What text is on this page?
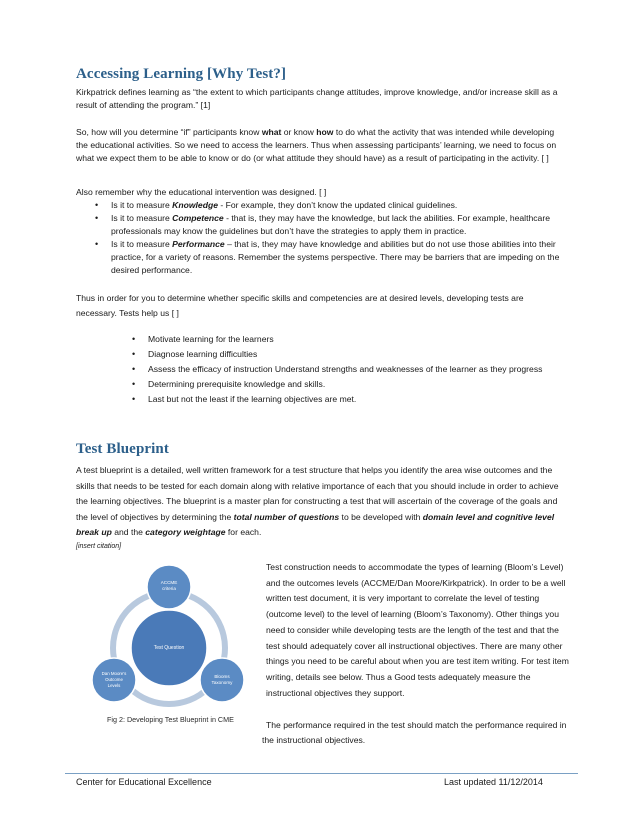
Accessing Learning [Why Test?]

Kirkpatrick defines learning as “the extent to which participants change attitudes, improve knowledge, and/or increase skill as a result of attending the program.” [1]

So, how will you determine “if” participants know what or know how to do what the activity that was intended while developing the educational activities. So we need to access the learners. Thus when assessing participants’ learning, we need to focus on what we expect them to be able to know or do (or what attitude they should have) as a result of participating in the activity. [ ]

Also remember why the educational intervention was designed. [ ]

• Is it to measure Knowledge - For example, they don’t know the updated clinical guidelines.
• Is it to measure Competence - that is, they may have the knowledge, but lack the abilities. For example, healthcare professionals may know the guidelines but don’t have the strategies to apply them in practice.
• Is it to measure Performance – that is, they may have knowledge and abilities but do not use those abilities into their practice, for a variety of reasons. Remember the systems perspective. There may be barriers that are impeding on the desired performance.

Thus in order for you to determine whether specific skills and competencies are at desired levels, developing tests are necessary. Tests help us [ ]

• Motivate learning for the learners
• Diagnose learning difficulties
• Assess the efficacy of instruction Understand strengths and weaknesses of the learner as they progress
• Determining prerequisite knowledge and skills.
• Last but not the least if the learning objectives are met.
Test Blueprint

A test blueprint is a detailed, well written framework for a test structure that helps you identify the area wise outcomes and the skills that needs to be tested for each domain along with relative importance of each that you should include in order to achieve the learning objectives. The blueprint is a master plan for constructing a test that will ascertain of the coverage of the goals and the level of objectives by determining the total number of questions to be developed with domain level and cognitive level break up and the category weightage for each.

[insert citation]

Test Question
ACCME
criteria
Blooms
Taxonomy
Dan Moore's
Outcome
Levels
Fig 2: Developing Test Blueprint in CME

Test construction needs to accommodate the types of learning (Bloom’s Level) and the outcomes levels (ACCME/Dan Moore/Kirkpatrick). In order to be a well written test document, it is very important to correlate the level of testing (outcome level) to the level of learning (Bloom’s Taxonomy). Other things you need to consider while developing tests are the length of the test and that the test should adequately cover all instructional objectives. There are many other things you need to be careful about when you are test item writing. For test item writing, details see below. Thus a Good tests adequately measure the instructional objectives they support.

The performance required in the test should match the performance required in the instructional objectives.

Center for Educational Excellence	Last updated 11/12/2014
